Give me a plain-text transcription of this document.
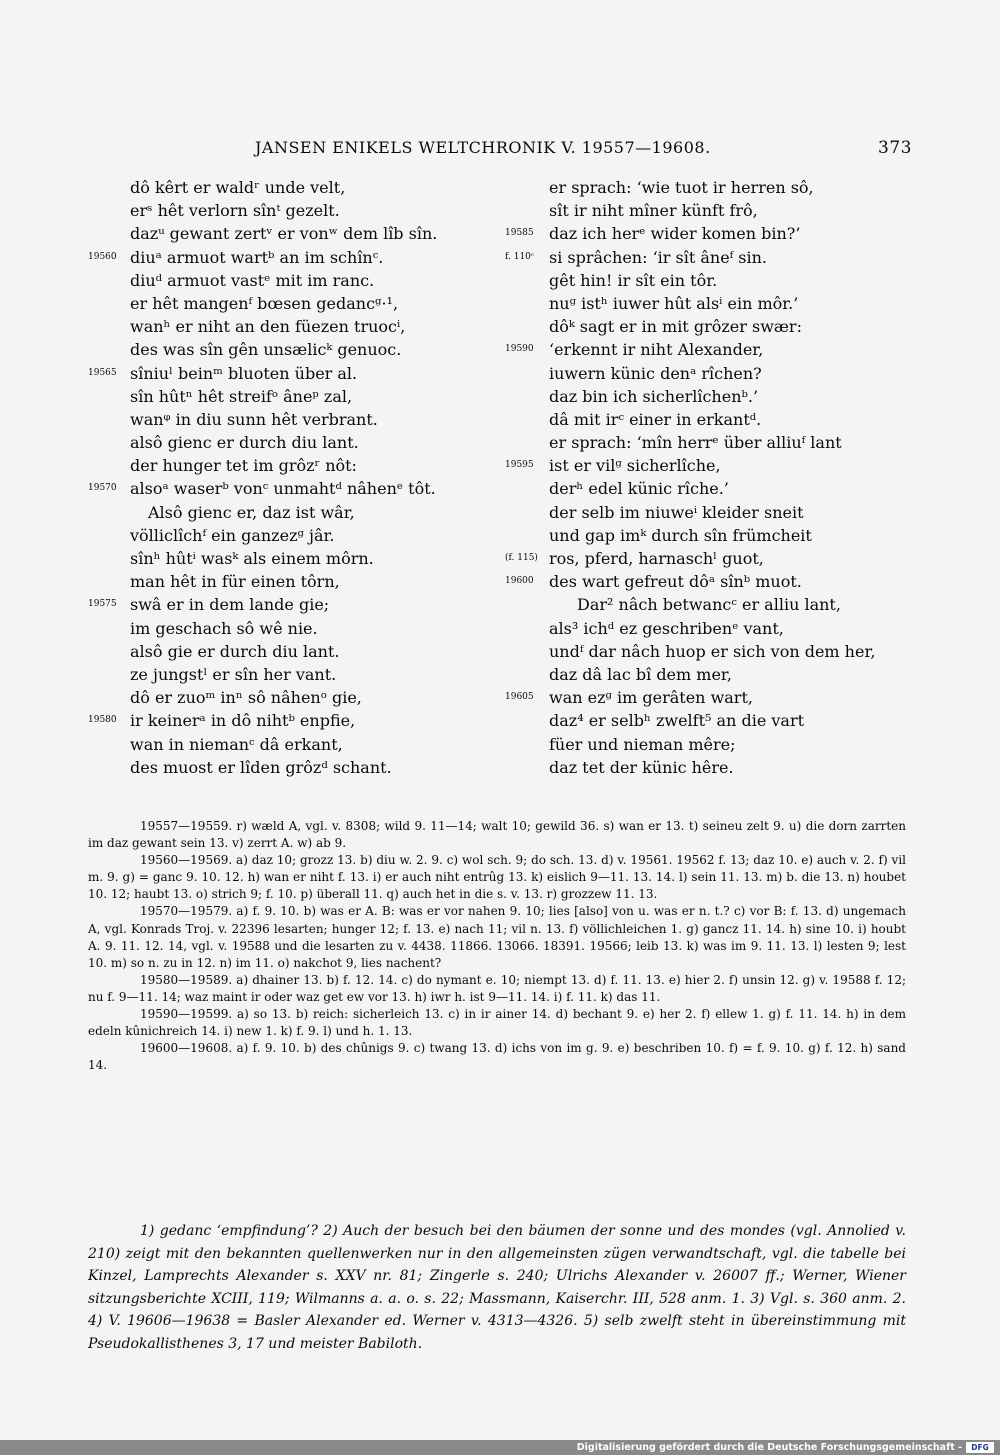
JANSEN ENIKELS WELTCHRONIK V. 19557—19608.	373
dô kêrt er waldʳ unde velt,
erˢ hêt verlorn sînᵗ gezelt.
dazᵘ gewant zertᵛ er vonʷ dem lîb sîn.
19560 diuᵃ armuot wartᵇ an im schînᶜ.
diuᵈ armuot vastᵉ mit im ranc.
er hêt mangenᶠ bœsen gedancᵍ·¹,
wanʰ er niht an den füezen truocⁱ,
des was sîn gên unsælicᵏ genuoc.
19565 sîniuˡ beinᵐ bluoten über al.
sîn hûtⁿ hêt streifᵒ ânеᵖ zal,
wanᵠ in diu sunn hêt verbrant.
alsô gienc er durch diu lant.
der hunger tet im grôzʳ nôt:
19570 alsoᵃ waserᵇ vonᶜ unmahtᵈ nâhenᵉ tôt.
Alsô gienc er, daz ist wâr,
völliclîchᶠ ein ganzezᵍ jâr.
sînʰ hûtⁱ wasᵏ als einem môrn.
man hêt in für einen tôrn,
19575 swâ er in dem lande gie;
im geschach sô wê nie.
alsô gie er durch diu lant.
ze jungstˡ er sîn her vant.
dô er zuoᵐ inⁿ sô nâhenᵒ gie,
19580 ir keinerᵃ in dô nihtᵇ enpfie,
wan in niemanᶜ dâ erkant,
des muost er lîden grôzᵈ schant.
er sprach: ‘wie tuot ir herren sô,
sît ir niht mîner künft frô,
19585 daz ich herᵉ wider komen bin?’
f. 110ᶜ si sprâchen: ‘ir sît ânеᶠ sin.
gêt hin! ir sît ein tôr.
nuᵍ istʰ iuwer hût alsⁱ ein môr.’
dôᵏ sagt er in mit grôzer swær:
19590 ‘erkennt ir niht Alexander,
iuwern künic denᵃ rîchen?
daz bin ich sicherlîchenᵇ.’
dâ mit irᶜ einer in erkantᵈ.
er sprach: ‘mîn herrᵉ über alliuᶠ lant
19595 ist er vilᵍ sicherlîche,
derʰ edel künic rîche.’
der selb im niuweⁱ kleider sneit
und gap imᵏ durch sîn frümcheit
(f. 115) ros, pferd, harnaschˡ guot,
19600 des wart gefreut dôᵃ sînᵇ muot.
Dar² nâch betwancᶜ er alliu lant,
als³ ichᵈ ez geschribenᵉ vant,
undᶠ dar nâch huop er sich von dem her,
daz dâ lac bî dem mer,
19605 wan ezᵍ im gerâten wart,
daz⁴ er selbʰ zwelft⁵ an die vart
füer und nieman mêre;
daz tet der künic hêre.

19557—19559. r) wæld A, vgl. v. 8308; wild 9. 11—14; walt 10; gewild 36. s) wan er 13. t) seineu zelt 9. u) die dorn zarrten im daz gewant sein 13. v) zerrt A. w) ab 9.

19560—19569. a) daz 10; grozz 13. b) diu w. 2. 9. c) wol sch. 9; do sch. 13. d) v. 19561. 19562 f. 13; daz 10. e) auch v. 2. f) vil m. 9. g) = ganc 9. 10. 12. h) wan er niht f. 13. i) er auch niht entrûg 13. k) eislich 9—11. 13. 14. l) sein 11. 13. m) b. die 13. n) houbet 10. 12; haubt 13. o) strich 9; f. 10. p) überall 11. q) auch het in die s. v. 13. r) grozzew 11. 13.

19570—19579. a) f. 9. 10. b) was er A. B: was er vor nahen 9. 10; lies [also] von u. was er n. t.? c) vor B: f. 13. d) ungemach A, vgl. Konrads Troj. v. 22396 lesarten; hunger 12; f. 13. e) nach 11; vil n. 13. f) völlichleichen 1. g) gancz 11. 14. h) sine 10. i) houbt A. 9. 11. 12. 14, vgl. v. 19588 und die lesarten zu v. 4438. 11866. 13066. 18391. 19566; leib 13. k) was im 9. 11. 13. l) lesten 9; lest 10. m) so n. zu in 12. n) im 11. o) nakchot 9, lies nachent?

19580—19589. a) dhainer 13. b) f. 12. 14. c) do nymant e. 10; niempt 13. d) f. 11. 13. e) hier 2. f) unsin 12. g) v. 19588 f. 12; nu f. 9—11. 14; waz maint ir oder waz get ew vor 13. h) iwr h. ist 9—11. 14. i) f. 11. k) das 11.

19590—19599. a) so 13. b) reich: sicherleich 13. c) in ir ainer 14. d) bechant 9. e) her 2. f) ellew 1. g) f. 11. 14. h) in dem edeln kûnichreich 14. i) new 1. k) f. 9. l) und h. 1. 13.

19600—19608. a) f. 9. 10. b) des chûnigs 9. c) twang 13. d) ichs von im g. 9. e) beschriben 10. f) = f. 9. 10. g) f. 12. h) sand 14.

1) gedanc ‘empfindung’? 2) Auch der besuch bei den bäumen der sonne und des mondes (vgl. Annolied v. 210) zeigt mit den bekannten quellenwerken nur in den allgemeinsten zügen verwandtschaft, vgl. die tabelle bei Kinzel, Lamprechts Alexander s. XXV nr. 81; Zingerle s. 240; Ulrichs Alexander v. 26007 ff.; Werner, Wiener sitzungsberichte XCIII, 119; Wilmanns a. a. o. s. 22; Massmann, Kaiserchr. III, 528 anm. 1. 3) Vgl. s. 360 anm. 2. 4) V. 19606—19638 = Basler Alexander ed. Werner v. 4313—4326. 5) selb zwelft steht in übereinstimmung mit Pseudokallisthenes 3, 17 und meister Babiloth.

Digitalisierung gefördert durch die Deutsche Forschungsgemeinschaft -	DFG
